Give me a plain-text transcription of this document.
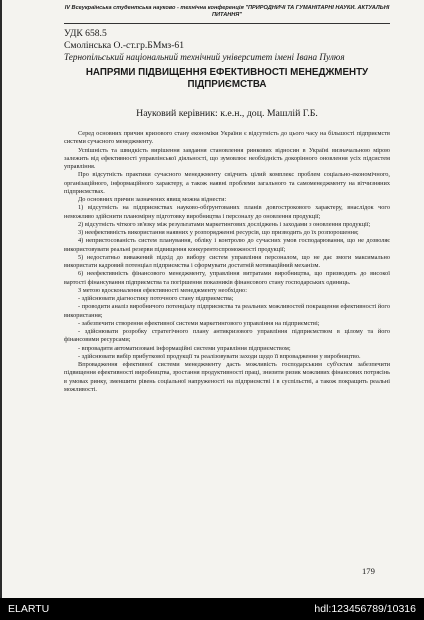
IV Всеукраїнська студентська науково - технічна конференція "ПРИРОДНИЧІ ТА ГУМАНІТАРНІ НАУКИ. АКТУАЛЬНІ ПИТАННЯ"
УДК 658.5
Смолінська О.-ст.гр.БМмз-61
Тернопільський національний технічний університет імені Івана Пулюя
НАПРЯМИ ПІДВИЩЕННЯ ЕФЕКТИВНОСТІ МЕНЕДЖМЕНТУ ПІДПРИЄМСТВА
Науковий керівник: к.е.н., доц. Машлій Г.Б.

Серед основних причин кризового стану економіки України є відсутність до цього часу на більшості підприємств системи сучасного менеджменту.

Успішність та швидкість вирішення завдання становлення ринкових відносин в Україні визначальною мірою залежить від ефективності управлінської діяльності, що зумовлює необхідність докорінного оновлення усіх підсистем управління.

Про відсутність практики сучасного менеджменту свідчить цілий комплекс проблем соціально-економічного, організаційного, інформаційного характеру, а також наявні проблеми загального та самоменеджменту на вітчизняних підприємствах.

До основних причин зазначених явищ можна віднести:

1) відсутність на підприємствах науково-обґрунтованих планів довгострокового характеру, внаслідок чого неможливо здійснити планомірну підготовку виробництва і персоналу до оновлення продукції;

2) відсутність чіткого зв'язку між результатами маркетингових досліджень і заходами з оновлення продукції;

3) неефективність використання наявних у розпорядженні ресурсів, що призводить до їх розпорошення;

4) непристосованість систем планування, обліку і контролю до сучасних умов господарювання, що не дозволяє використовувати реальні резерви підвищення конкурентоспроможності продукції;

5) недостатньо виважений підхід до вибору систем управління персоналом, що не дає змоги максимально використати кадровий потенціал підприємства і сформувати достатній мотиваційний механізм.

6) неефективність фінансового менеджменту, управління витратами виробництва, що призводить до високої вартості фінансування підприємства та погіршення показників фінансового стану господарських одиниць.

З метою вдосконалення ефективності менеджменту необхідно:

- здійснювати діагностику поточного стану підприємства;

- проводити аналіз виробничого потенціалу підприємства та реальних можливостей покращення ефективності його використання;

- забезпечити створення ефективної системи маркетингового управління на підприємстві;

- здійснювати розробку стратегічного плану антикризового управління підприємством в цілому та його фінансовими ресурсами;

- впровадити автоматизовані інформаційні системи управління підприємством;

- здійснювати вибір прибуткової продукції та реалізовувати заходи щодо її впровадження у виробництво.

Впровадження ефективної системи менеджменту дасть можливість господарським суб'єктам забезпечити підвищення ефективності виробництва, зростання продуктивності праці, знизити ризик можливих фінансових потрясінь в умовах ринку, зменшити рівень соціальної напруженості на підприємстві і в суспільстві, а також покращить реальні можливості.

179
ELARTU	hdl:123456789/10316
